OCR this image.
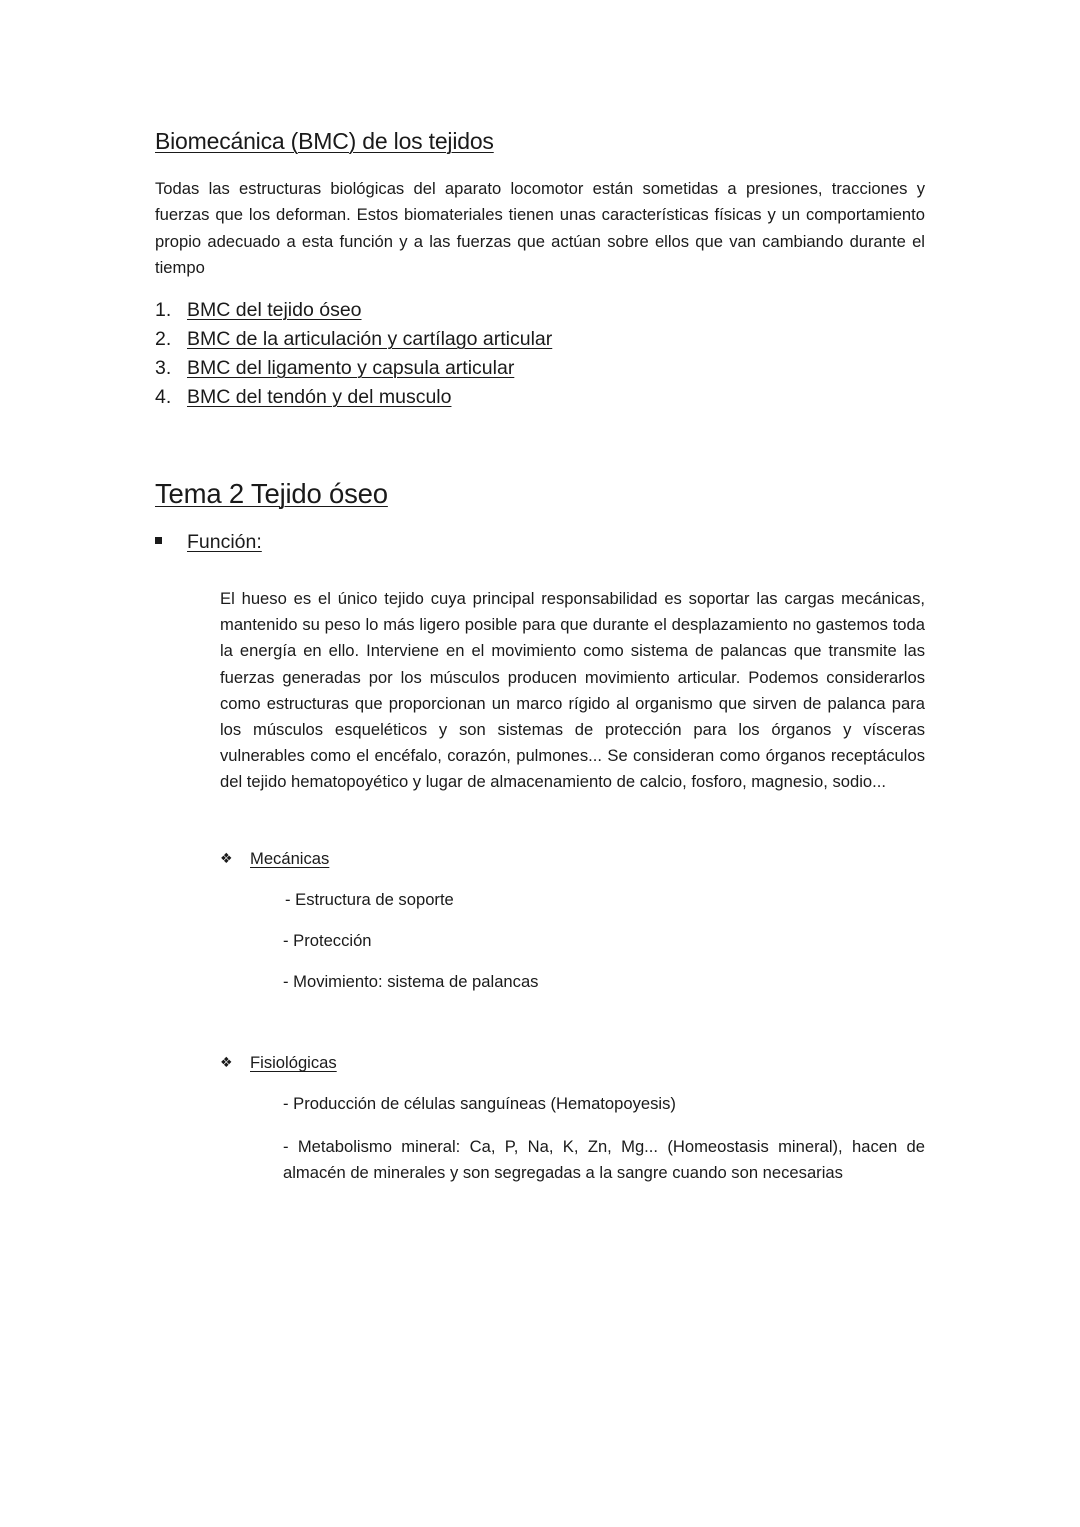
Biomecánica (BMC) de los tejidos

Todas las estructuras biológicas del aparato locomotor están sometidas a presiones, tracciones y fuerzas que los deforman. Estos biomateriales tienen unas características físicas y un comportamiento propio adecuado a esta función y a las fuerzas que actúan sobre ellos que van cambiando durante el tiempo

1. BMC del tejido óseo
2. BMC de la articulación y cartílago articular
3. BMC del ligamento y capsula articular
4. BMC del tendón y del musculo
Tema 2 Tejido óseo
Función:

El hueso es el único tejido cuya principal responsabilidad es soportar las cargas mecánicas, mantenido su peso lo más ligero posible para que durante el desplazamiento no gastemos toda la energía en ello. Interviene en el movimiento como sistema de palancas que transmite las fuerzas generadas por los músculos producen movimiento articular. Podemos considerarlos como estructuras que proporcionan un marco rígido al organismo que sirven de palanca para los músculos esqueléticos y son sistemas de protección para los órganos y vísceras vulnerables como el encéfalo, corazón, pulmones... Se consideran como órganos receptáculos del tejido hematopoyético y lugar de almacenamiento de calcio, fosforo, magnesio, sodio...

❖ Mecánicas
- Estructura de soporte
- Protección
- Movimiento: sistema de palancas
❖ Fisiológicas
- Producción de células sanguíneas (Hematopoyesis)

- Metabolismo mineral: Ca, P, Na, K, Zn, Mg... (Homeostasis mineral), hacen de almacén de minerales y son segregadas a la sangre cuando son necesarias
